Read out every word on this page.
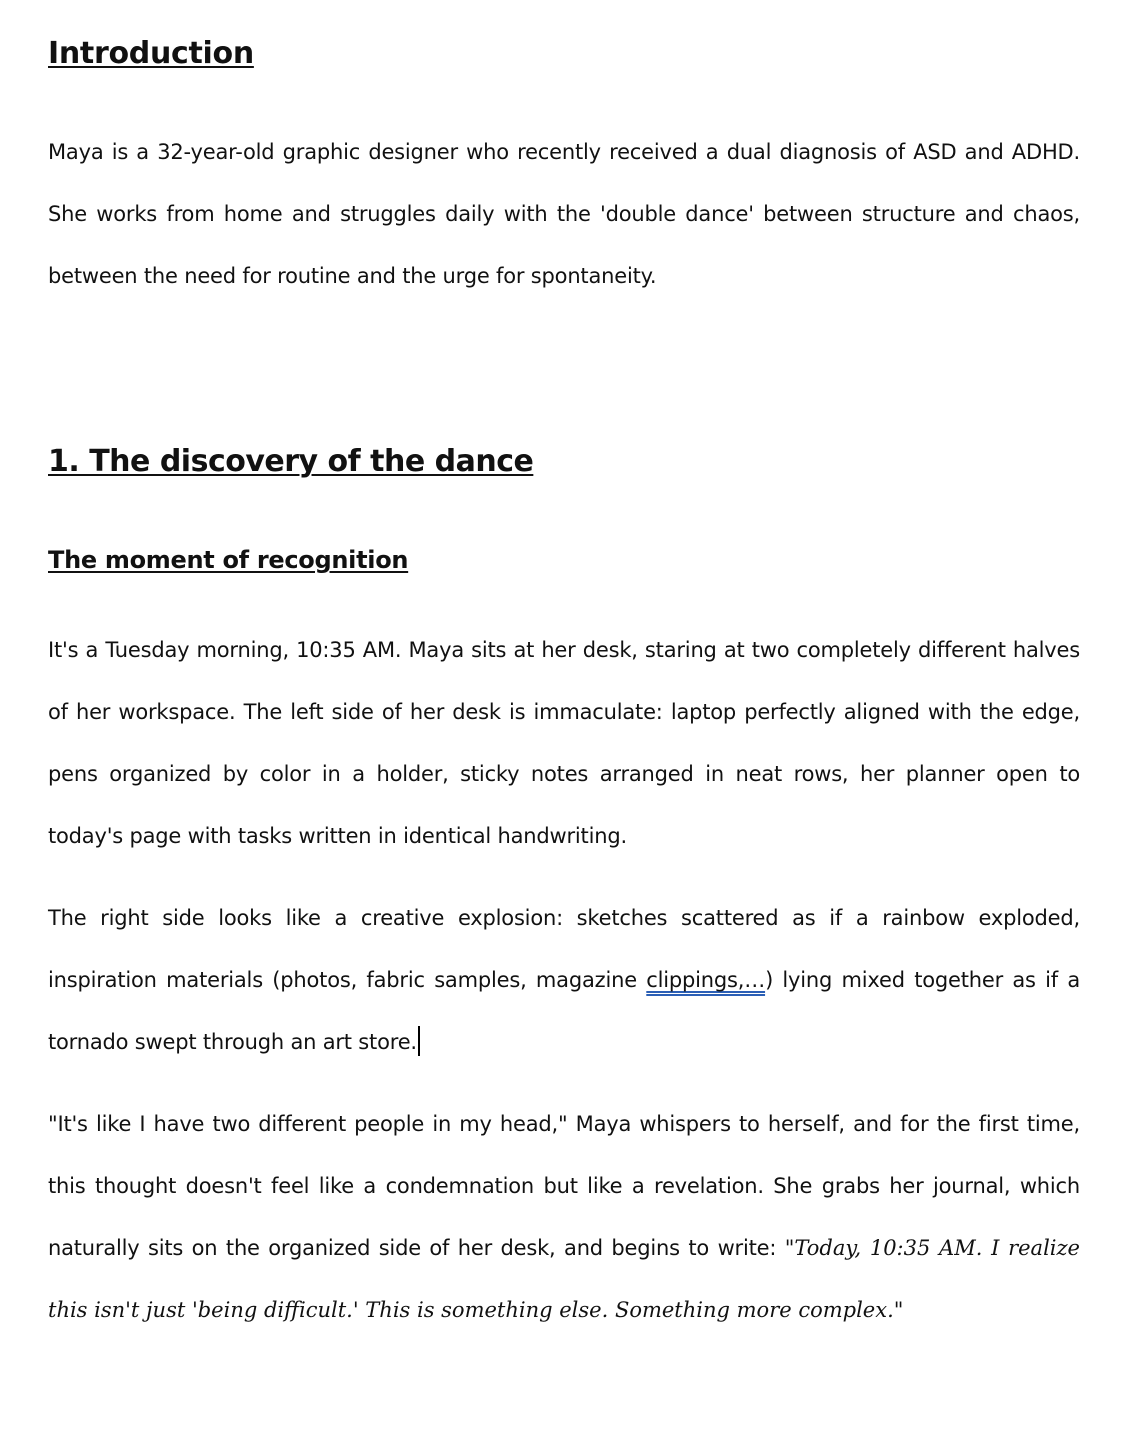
Introduction

Maya is a 32-year-old graphic designer who recently received a dual diagnosis of ASD and ADHD. She works from home and struggles daily with the 'double dance' between structure and chaos, between the need for routine and the urge for spontaneity.

1. The discovery of the dance
The moment of recognition

It's a Tuesday morning, 10:35 AM. Maya sits at her desk, staring at two completely different halves of her workspace. The left side of her desk is immaculate: laptop perfectly aligned with the edge, pens organized by color in a holder, sticky notes arranged in neat rows, her planner open to today's page with tasks written in identical handwriting.

The right side looks like a creative explosion: sketches scattered as if a rainbow exploded, inspiration materials (photos, fabric samples, magazine clippings,…) lying mixed together as if a tornado swept through an art store.

"It's like I have two different people in my head," Maya whispers to herself, and for the first time, this thought doesn't feel like a condemnation but like a revelation. She grabs her journal, which naturally sits on the organized side of her desk, and begins to write: "Today, 10:35 AM. I realize this isn't just 'being difficult.' This is something else. Something more complex."
